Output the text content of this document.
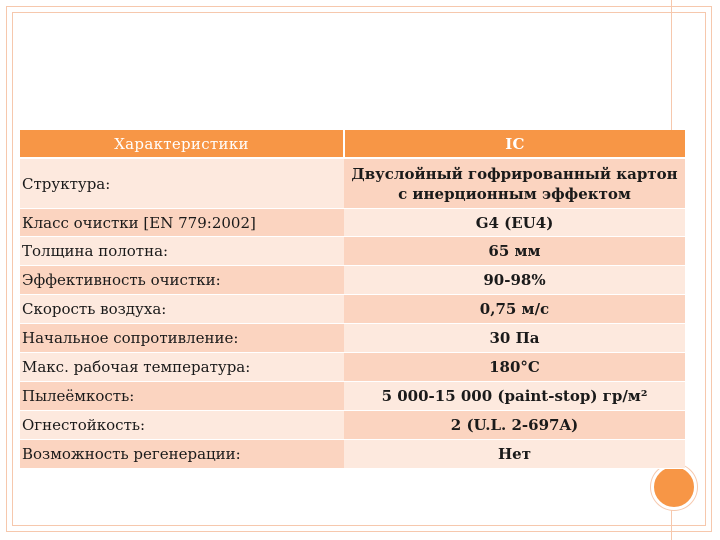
Характеристики	IC
Структура:	Двуслойный гофрированный картон с инерционным эффектом
Класс очистки [EN 779:2002]	G4 (EU4)
Толщина полотна:	65 мм
Эффективность очистки:	90-98%
Скорость воздуха:	0,75 м/с
Начальное сопротивление:	30 Па
Макс. рабочая температура:	180°C
Пылеёмкость:	5 000-15 000 (paint-stop) гр/м²
Огнестойкость:	2 (U.L. 2-697A)
Возможность регенерации:	Нет
